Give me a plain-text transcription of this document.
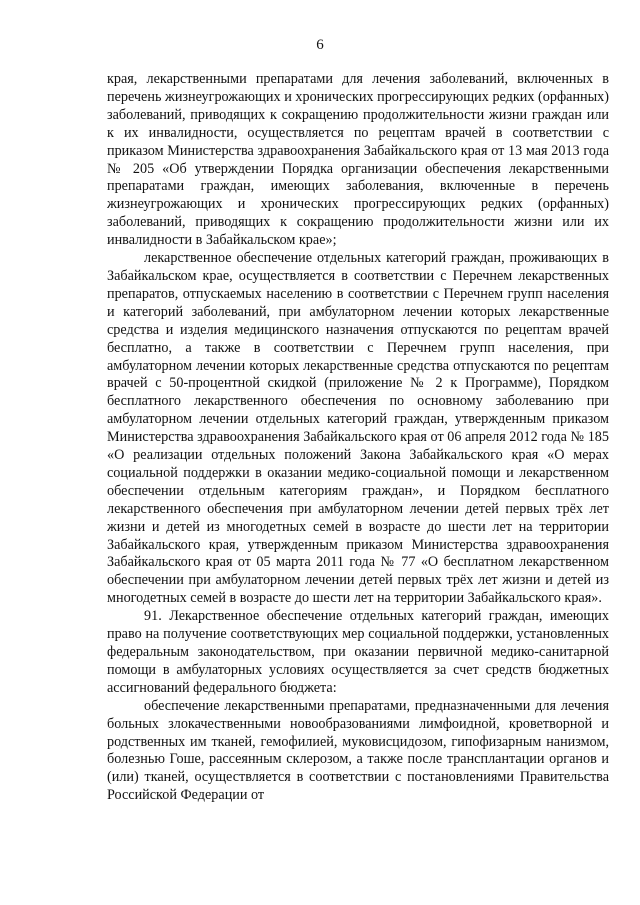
6

края, лекарственными препаратами для лечения заболеваний, включенных в перечень жизнеугрожающих и хронических прогрессирующих редких (орфанных) заболеваний, приводящих к сокращению продолжительности жизни граждан или к их инвалидности, осуществляется по рецептам врачей в соответствии с приказом Министерства здравоохранения Забайкальского края от 13 мая 2013 года № 205 «Об утверждении Порядка организации обеспечения лекарственными препаратами граждан, имеющих заболевания, включенные в перечень жизнеугрожающих и хронических прогрессирующих редких (орфанных) заболеваний, приводящих к сокращению продолжительности жизни или их инвалидности в Забайкальском крае»;

лекарственное обеспечение отдельных категорий граждан, проживающих в Забайкальском крае, осуществляется в соответствии с Перечнем лекарственных препаратов, отпускаемых населению в соответствии с Перечнем групп населения и категорий заболеваний, при амбулаторном лечении которых лекарственные средства и изделия медицинского назначения отпускаются по рецептам врачей бесплатно, а также в соответствии с Перечнем групп населения, при амбулаторном лечении которых лекарственные средства отпускаются по рецептам врачей с 50-процентной скидкой (приложение № 2 к Программе), Порядком бесплатного лекарственного обеспечения по основному заболеванию при амбулаторном лечении отдельных категорий граждан, утвержденным приказом Министерства здравоохранения Забайкальского края от 06 апреля 2012 года № 185 «О реализации отдельных положений Закона Забайкальского края «О мерах социальной поддержки в оказании медико-социальной помощи и лекарственном обеспечении отдельным категориям граждан», и Порядком бесплатного лекарственного обеспечения при амбулаторном лечении детей первых трёх лет жизни и детей из многодетных семей в возрасте до шести лет на территории Забайкальского края, утвержденным приказом Министерства здравоохранения Забайкальского края от 05 марта 2011 года № 77 «О бесплатном лекарственном обеспечении при амбулаторном лечении детей первых трёх лет жизни и детей из многодетных семей в возрасте до шести лет на территории Забайкальского края».

91. Лекарственное обеспечение отдельных категорий граждан, имеющих право на получение соответствующих мер социальной поддержки, установленных федеральным законодательством, при оказании первичной медико-санитарной помощи в амбулаторных условиях осуществляется за счет средств бюджетных ассигнований федерального бюджета:

обеспечение лекарственными препаратами, предназначенными для лечения больных злокачественными новообразованиями лимфоидной, кроветворной и родственных им тканей, гемофилией, муковисцидозом, гипофизарным нанизмом, болезнью Гоше, рассеянным склерозом, а также после трансплантации органов и (или) тканей, осуществляется в соответствии с постановлениями Правительства Российской Федерации от
